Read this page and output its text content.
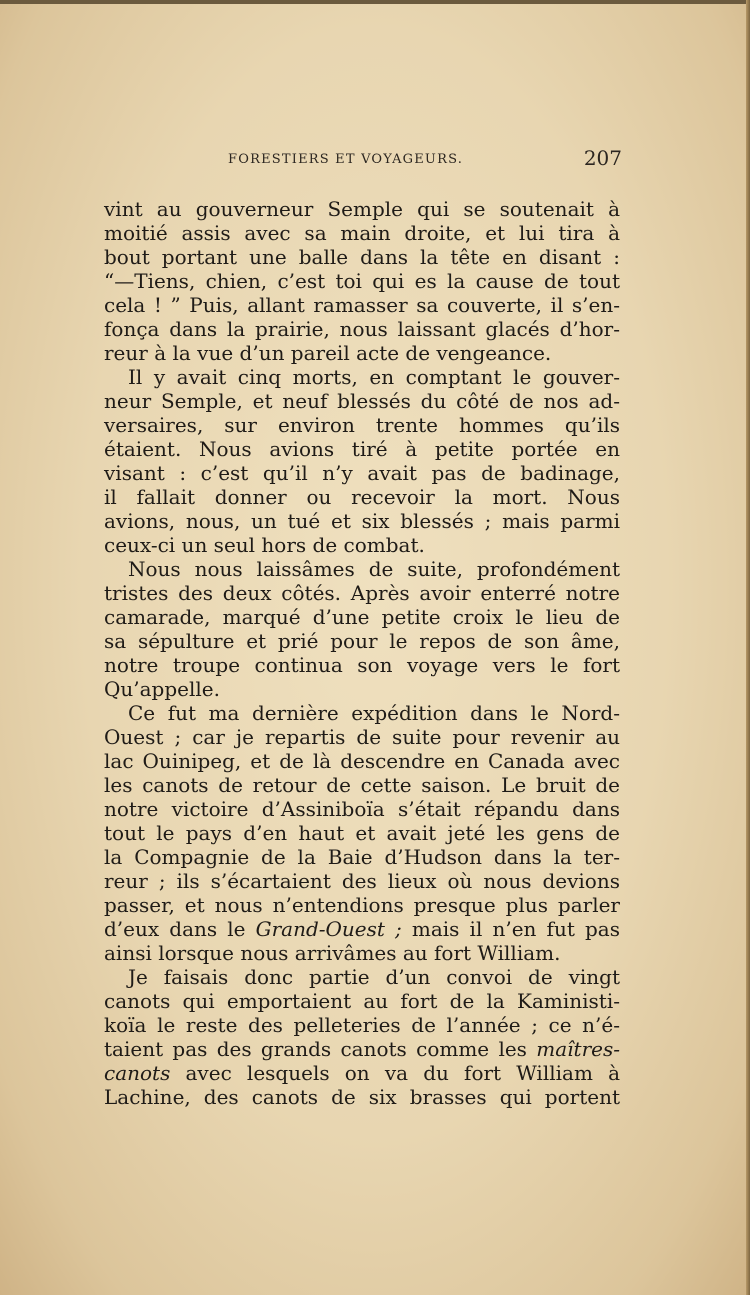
FORESTIERS ET VOYAGEURS.	207
vint au gouverneur Semple qui se soutenait à
moitié assis avec sa main droite, et lui tira à
bout portant une balle dans la tête en disant :
“—Tiens, chien, c’est toi qui es la cause de tout
cela ! ” Puis, allant ramasser sa couverte, il s’en-
fonça dans la prairie, nous laissant glacés d’hor-
reur à la vue d’un pareil acte de vengeance.
Il y avait cinq morts, en comptant le gouver-
neur Semple, et neuf blessés du côté de nos ad-
versaires, sur environ trente hommes qu’ils
étaient. Nous avions tiré à petite portée en
visant : c’est qu’il n’y avait pas de badinage,
il fallait donner ou recevoir la mort. Nous
avions, nous, un tué et six blessés ; mais parmi
ceux-ci un seul hors de combat.
Nous nous laissâmes de suite, profondément
tristes des deux côtés. Après avoir enterré notre
camarade, marqué d’une petite croix le lieu de
sa sépulture et prié pour le repos de son âme,
notre troupe continua son voyage vers le fort
Qu’appelle.
Ce fut ma dernière expédition dans le Nord-
Ouest ; car je repartis de suite pour revenir au
lac Ouinipeg, et de là descendre en Canada avec
les canots de retour de cette saison. Le bruit de
notre victoire d’Assiniboïa s’était répandu dans
tout le pays d’en haut et avait jeté les gens de
la Compagnie de la Baie d’Hudson dans la ter-
reur ; ils s’écartaient des lieux où nous devions
passer, et nous n’entendions presque plus parler
d’eux dans le Grand-Ouest ; mais il n’en fut pas
ainsi lorsque nous arrivâmes au fort William.
Je faisais donc partie d’un convoi de vingt
canots qui emportaient au fort de la Kaministi-
koïa le reste des pelleteries de l’année ; ce n’é-
taient pas des grands canots comme les maîtres-
canots avec lesquels on va du fort William à
Lachine, des canots de six brasses qui portent
